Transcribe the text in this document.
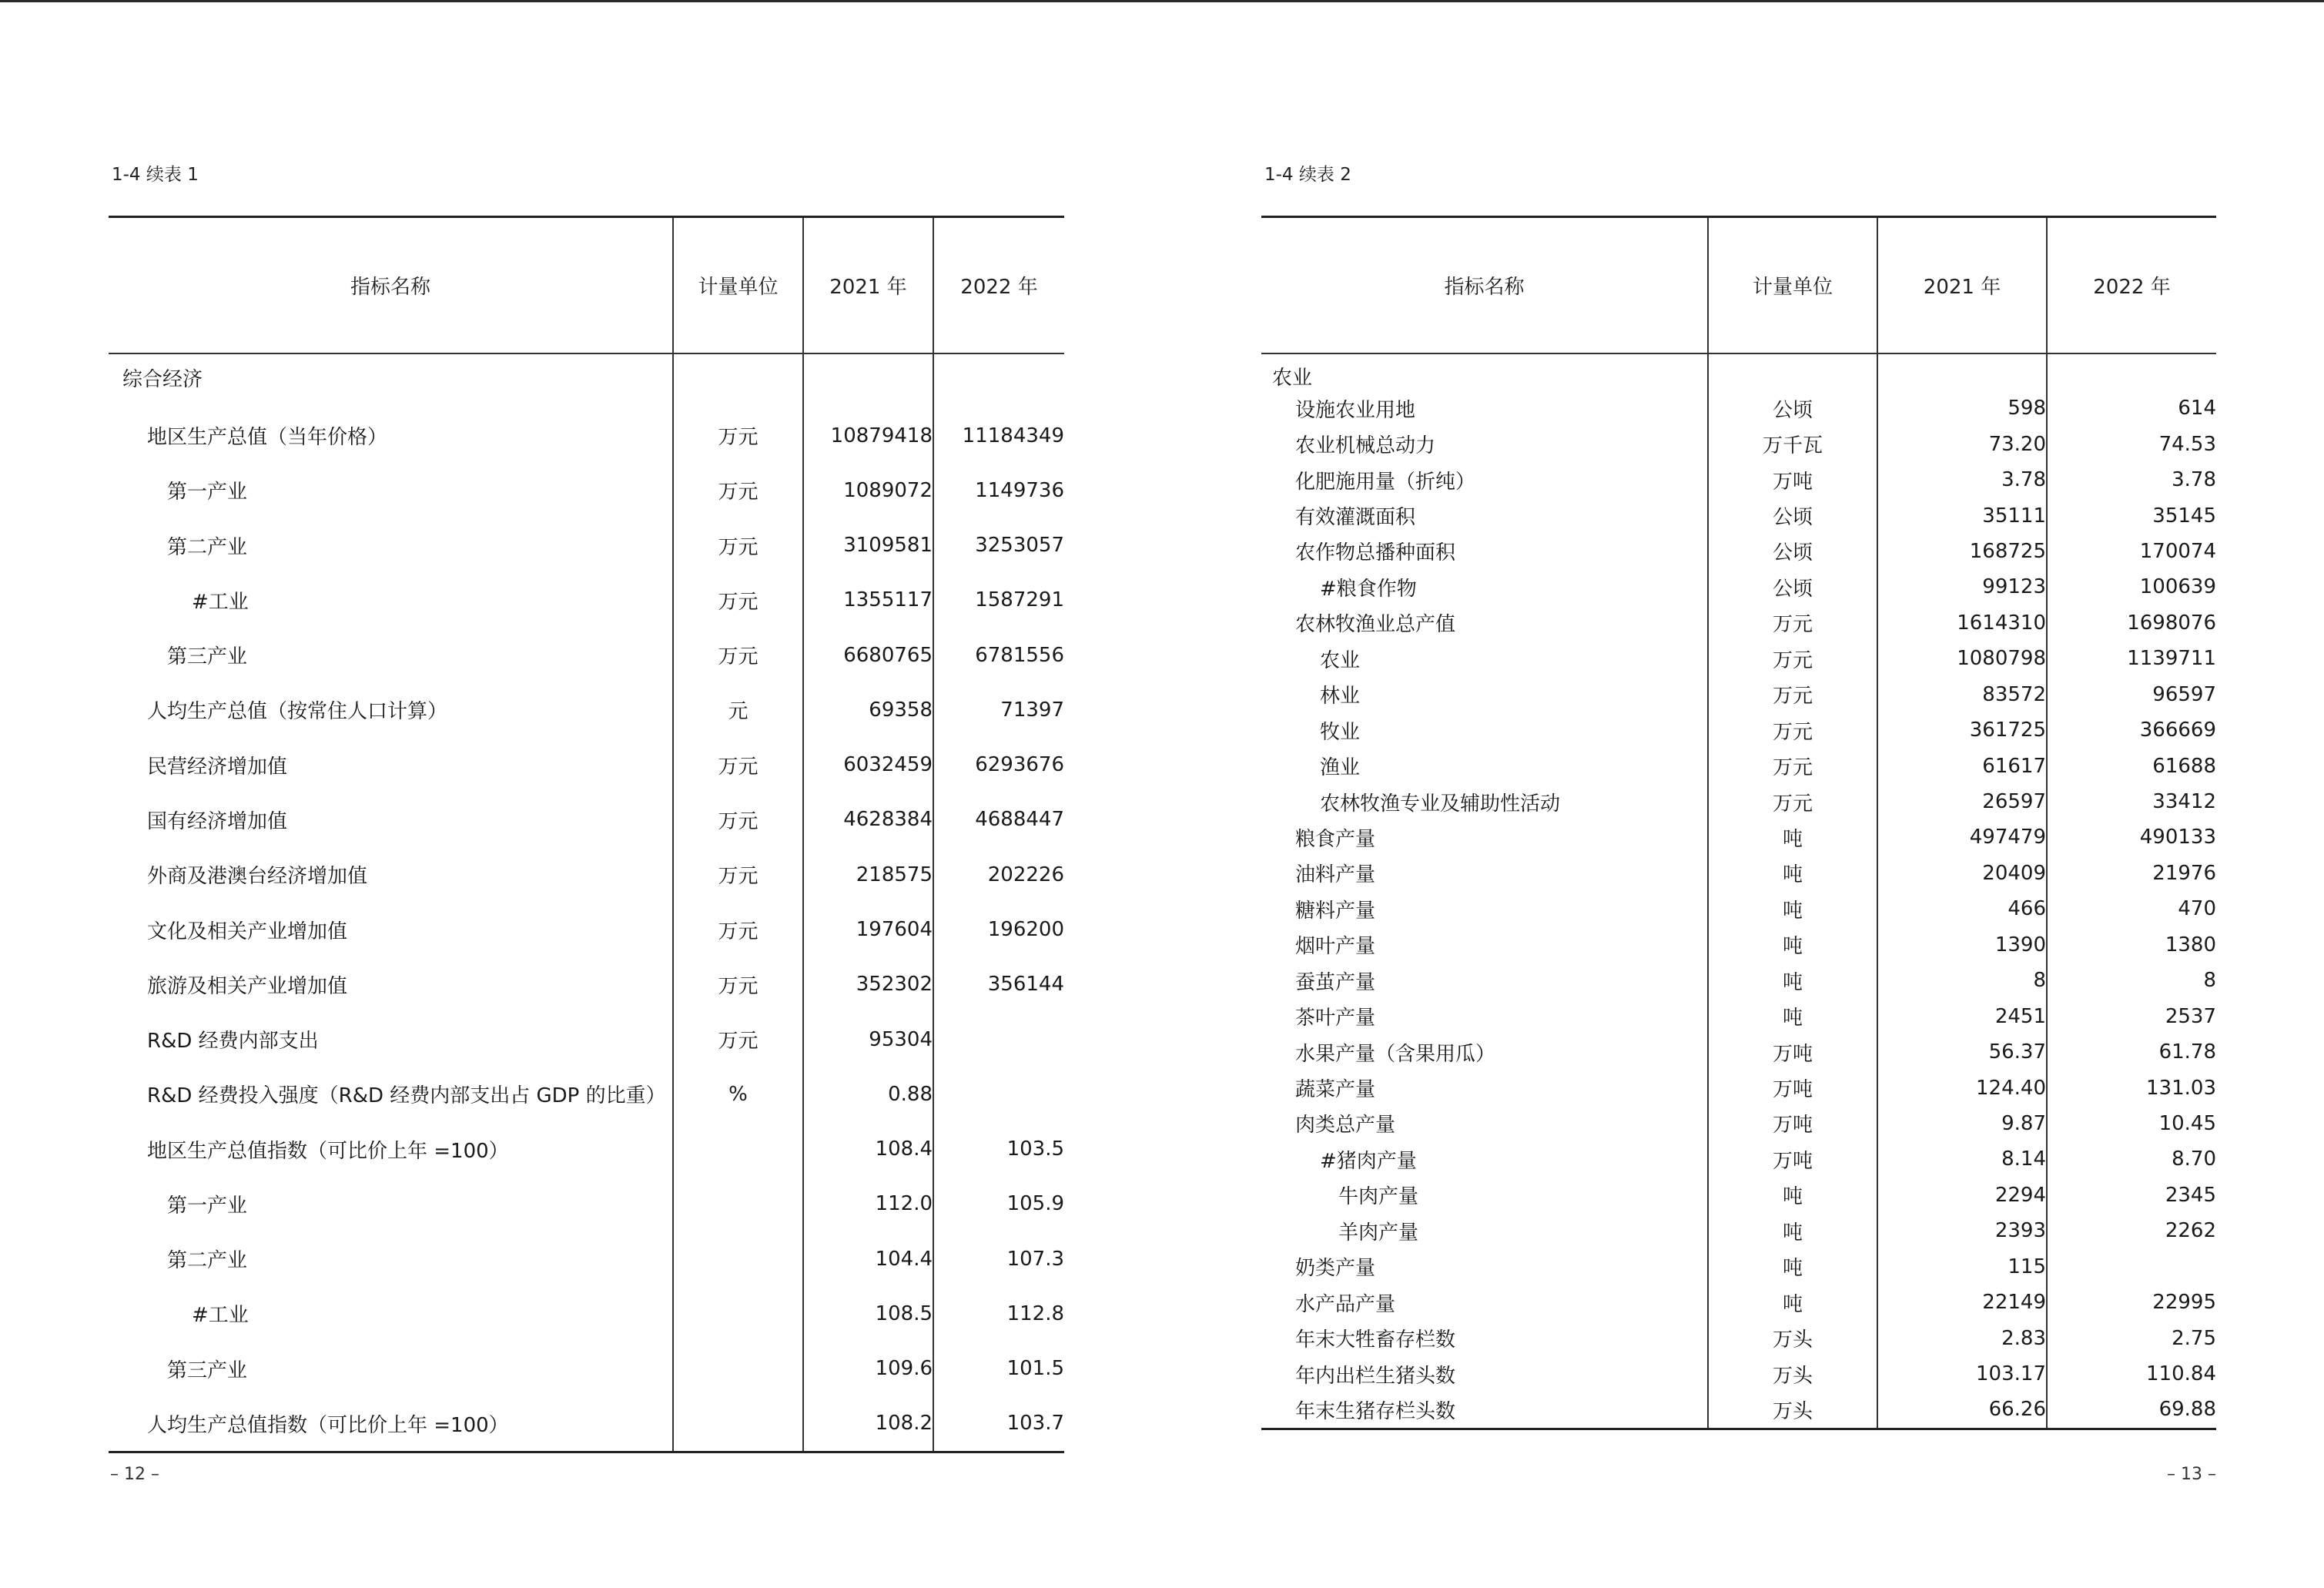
1-4 续表 1
指标名称	计量单位	2021 年	2022 年
综合经济			
地区生产总值（当年价格）	万元	10879418	11184349
第一产业	万元	1089072	1149736
第二产业	万元	3109581	3253057
#工业	万元	1355117	1587291
第三产业	万元	6680765	6781556
人均生产总值（按常住人口计算）	元	69358	71397
民营经济增加值	万元	6032459	6293676
国有经济增加值	万元	4628384	4688447
外商及港澳台经济增加值	万元	218575	202226
文化及相关产业增加值	万元	197604	196200
旅游及相关产业增加值	万元	352302	356144
R&D 经费内部支出	万元	95304	
R&D 经费投入强度（R&D 经费内部支出占 GDP 的比重）	%	0.88	
地区生产总值指数（可比价上年 =100）		108.4	103.5
第一产业		112.0	105.9
第二产业		104.4	107.3
#工业		108.5	112.8
第三产业		109.6	101.5
人均生产总值指数（可比价上年 =100）		108.2	103.7
– 12 –
1-4 续表 2
指标名称	计量单位	2021 年	2022 年
农业			
设施农业用地	公顷	598	614
农业机械总动力	万千瓦	73.20	74.53
化肥施用量（折纯）	万吨	3.78	3.78
有效灌溉面积	公顷	35111	35145
农作物总播种面积	公顷	168725	170074
#粮食作物	公顷	99123	100639
农林牧渔业总产值	万元	1614310	1698076
农业	万元	1080798	1139711
林业	万元	83572	96597
牧业	万元	361725	366669
渔业	万元	61617	61688
农林牧渔专业及辅助性活动	万元	26597	33412
粮食产量	吨	497479	490133
油料产量	吨	20409	21976
糖料产量	吨	466	470
烟叶产量	吨	1390	1380
蚕茧产量	吨	8	8
茶叶产量	吨	2451	2537
水果产量（含果用瓜）	万吨	56.37	61.78
蔬菜产量	万吨	124.40	131.03
肉类总产量	万吨	9.87	10.45
#猪肉产量	万吨	8.14	8.70
牛肉产量	吨	2294	2345
羊肉产量	吨	2393	2262
奶类产量	吨	115	
水产品产量	吨	22149	22995
年末大牲畜存栏数	万头	2.83	2.75
年内出栏生猪头数	万头	103.17	110.84
年末生猪存栏头数	万头	66.26	69.88
– 13 –
